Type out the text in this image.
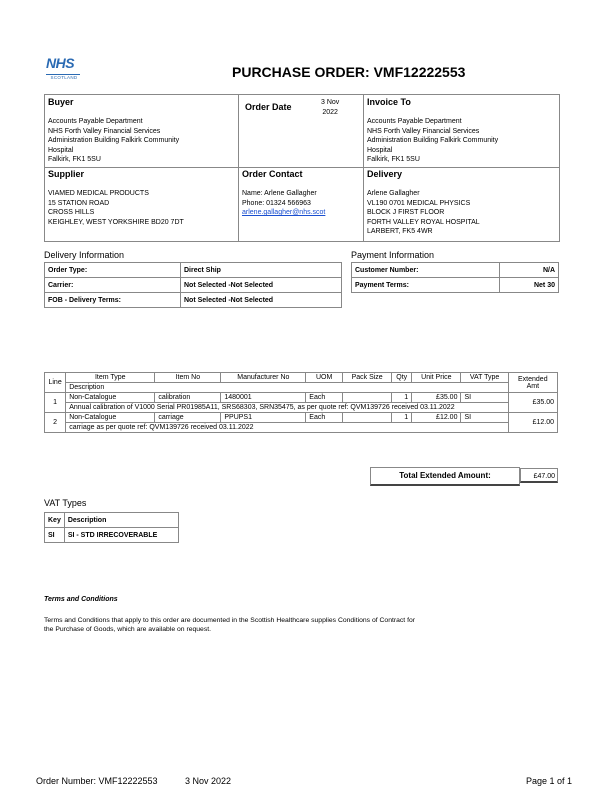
NHS
SCOTLAND	PURCHASE ORDER: VMF12222553
Buyer
Accounts Payable Department
NHS Forth Valley Financial Services
Administration Building Falkirk Community
Hospital
Falkirk, FK1 5SU
Order Date	3 Nov
2022
Invoice To
Accounts Payable Department
NHS Forth Valley Financial Services
Administration Building Falkirk Community
Hospital
Falkirk, FK1 5SU
Supplier
VIAMED MEDICAL PRODUCTS
15 STATION ROAD
CROSS HILLS
KEIGHLEY, WEST YORKSHIRE BD20 7DT
Order Contact
Name: Arlene Gallagher
Phone: 01324 566963
arlene.gallagher@nhs.scot
Delivery
Arlene Gallagher
VL190 0701 MEDICAL PHYSICS
BLOCK J FIRST FLOOR
FORTH VALLEY ROYAL HOSPITAL
LARBERT, FK5 4WR
Delivery Information
Order Type:	Direct Ship
Carrier:	Not Selected -Not Selected
FOB - Delivery Terms:	Not Selected -Not Selected
Payment Information
Customer Number:	N/A
Payment Terms:	Net 30
Line	Item Type	Item No	Manufacturer No	UOM	Pack Size	Qty	Unit Price	VAT Type	Extended Amt
	Description								
1	Non-Catalogue	calibration	1480001	Each		1	£35.00	SI	£35.00
	Annual calibration of V1000 Serial PR01985A11, SRS68303, SRN35475, as per quote ref: QVM139726 received 03.11.2022								
2	Non-Catalogue	carriage	PPUPS1	Each		1	£12.00	SI	£12.00
	carriage as per quote ref: QVM139726 received 03.11.2022								
Total Extended Amount:	£47.00
VAT Types
Key	Description
SI	SI - STD IRRECOVERABLE
Terms and Conditions
Terms and Conditions that apply to this order are documented in the Scottish Healthcare supplies Conditions of Contract for
the Purchase of Goods, which are available on request.
Order Number: VMF12222553	3 Nov 2022	Page 1 of 1
